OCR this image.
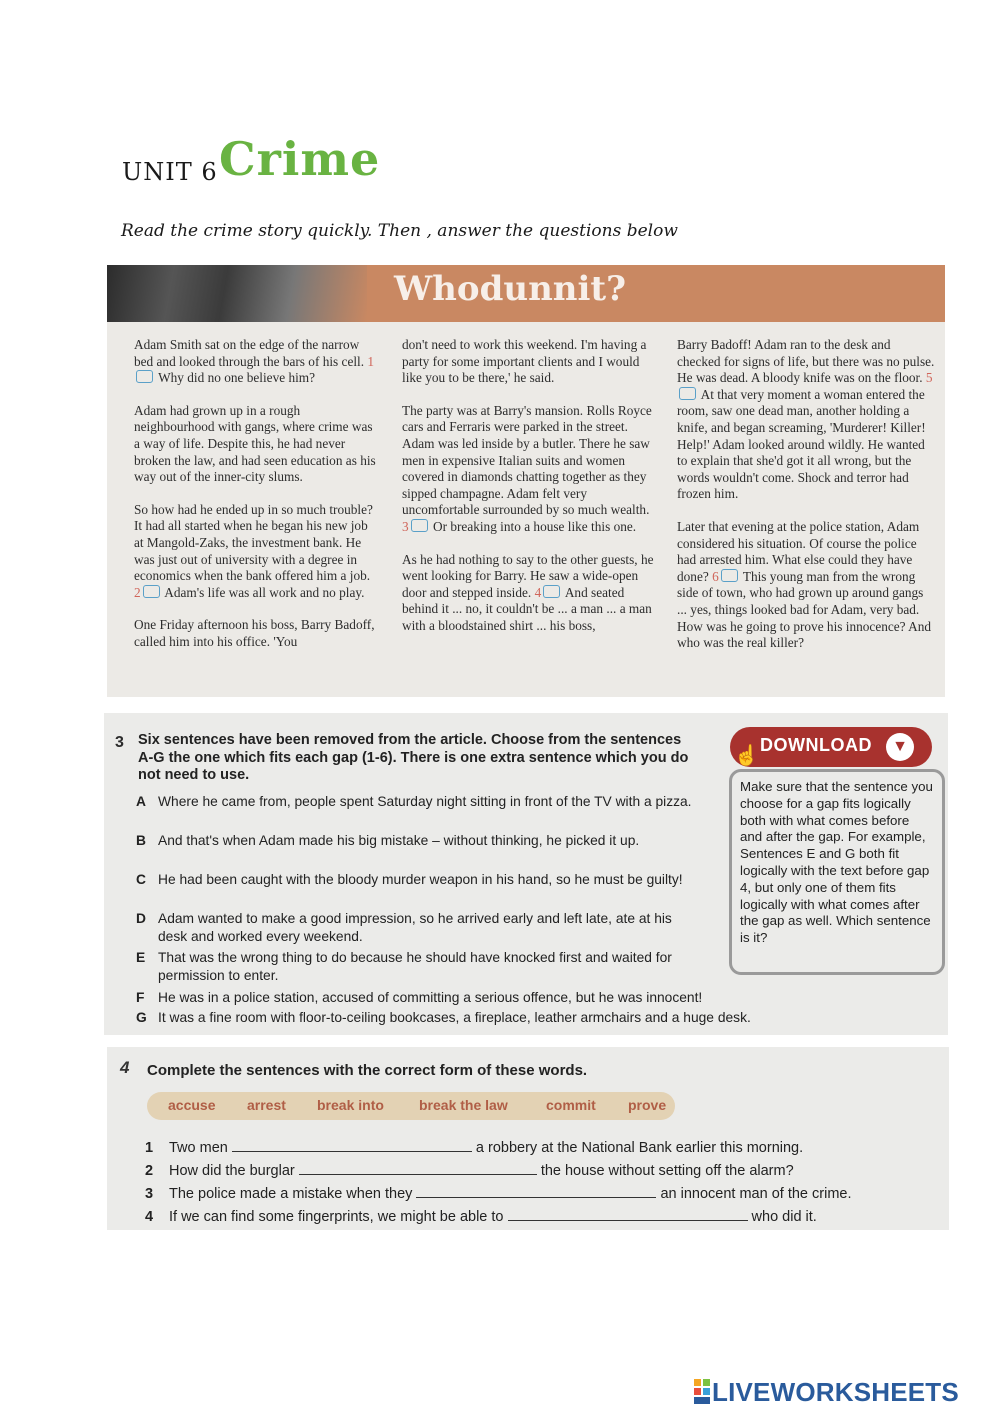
UNIT 6 Crime
Read the crime story quickly. Then , answer the questions below
Whodunnit?

Adam Smith sat on the edge of the narrow bed and looked through the bars of his cell. 1 Why did no one believe him?

Adam had grown up in a rough neighbourhood with gangs, where crime was a way of life. Despite this, he had never broken the law, and had seen education as his way out of the inner-city slums.

So how had he ended up in so much trouble? It had all started when he began his new job at Mangold-Zaks, the investment bank. He was just out of university with a degree in economics when the bank offered him a job. 2 Adam's life was all work and no play.

One Friday afternoon his boss, Barry Badoff, called him into his office. 'You

don't need to work this weekend. I'm having a party for some important clients and I would like you to be there,' he said.

The party was at Barry's mansion. Rolls Royce cars and Ferraris were parked in the street. Adam was led inside by a butler. There he saw men in expensive Italian suits and women covered in diamonds chatting together as they sipped champagne. Adam felt very uncomfortable surrounded by so much wealth. 3 Or breaking into a house like this one.

As he had nothing to say to the other guests, he went looking for Barry. He saw a wide-open door and stepped inside. 4 And seated behind it ... no, it couldn't be ... a man ... a man with a bloodstained shirt ... his boss,

Barry Badoff! Adam ran to the desk and checked for signs of life, but there was no pulse. He was dead. A bloody knife was on the floor. 5 At that very moment a woman entered the room, saw one dead man, another holding a knife, and began screaming, 'Murderer! Killer! Help!' Adam looked around wildly. He wanted to explain that she'd got it all wrong, but the words wouldn't come. Shock and terror had frozen him.

Later that evening at the police station, Adam considered his situation. Of course the police had arrested him. What else could they have done? 6 This young man from the wrong side of town, who had grown up around gangs ... yes, things looked bad for Adam, very bad. How was he going to prove his innocence? And who was the real killer?

3 Six sentences have been removed from the article. Choose from the sentences A-G the one which fits each gap (1-6). There is one extra sentence which you do not need to use.
A Where he came from, people spent Saturday night sitting in front of the TV with a pizza.
B And that's when Adam made his big mistake – without thinking, he picked it up.
C He had been caught with the bloody murder weapon in his hand, so he must be guilty!
D Adam wanted to make a good impression, so he arrived early and left late, ate at his desk and worked every weekend.
E That was the wrong thing to do because he should have knocked first and waited for permission to enter.
F He was in a police station, accused of committing a serious offence, but he was innocent!
G It was a fine room with floor-to-ceiling bookcases, a fireplace, leather armchairs and a huge desk.
☝ DOWNLOAD	▼
Make sure that the sentence you choose for a gap fits logically both with what comes before and after the gap. For example, Sentences E and G both fit logically with the text before gap 4, but only one of them fits logically with what comes after the gap as well. Which sentence is it?
4 Complete the sentences with the correct form of these words.
accuse arrest break into	break the law	commit prove
1 Two men	a robbery at the National Bank earlier this morning.
2 How did the burglar	the house without setting off the alarm?
3 The police made a mistake when they	an innocent man of the crime.
4 If we can find some fingerprints, we might be able to	who did it.
LIVEWORKSHEETS
